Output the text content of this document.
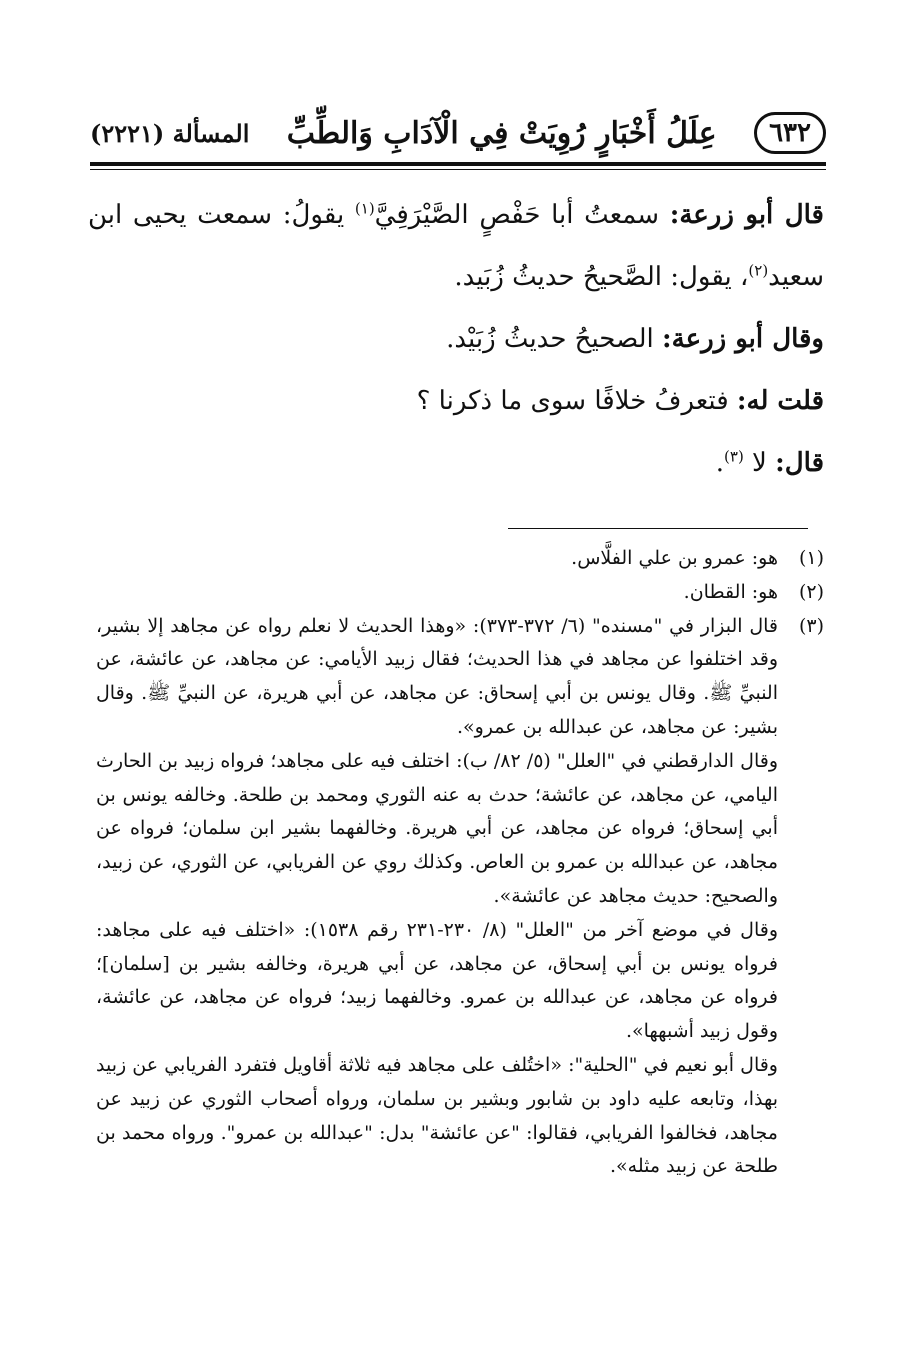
٦٣٢
عِلَلُ أَخْبَارٍ رُوِيَتْ فِي الْآدَابِ وَالطِّبِّ
المسألة (٢٢٢١)

قال أبو زرعة: سمعتُ أبا حَفْصٍ الصَّيْرَفِيَّ$^{(١)}$ يقولُ: سمعت يحيى ابن سعيد$^{(٢)}$، يقول: الصَّحيحُ حديثُ زُبَيد.

وقال أبو زرعة: الصحيحُ حديثُ زُبَيْد.

قلت له: فتعرفُ خلافًا سوى ما ذكرنا ؟

قال: لا $^{(٣)}$.

(١)

هو: عمرو بن علي الفلَّاس.

(٢)

هو: القطان.

(٣)

قال البزار في "مسنده" (٦/ ٣٧٢-٣٧٣): «وهذا الحديث لا نعلم رواه عن مجاهد إلا بشير، وقد اختلفوا عن مجاهد في هذا الحديث؛ فقال زبيد الأيامي: عن مجاهد، عن عائشة، عن النبيِّ ﷺ. وقال يونس بن أبي إسحاق: عن مجاهد، عن أبي هريرة، عن النبيِّ ﷺ. وقال بشير: عن مجاهد، عن عبدالله بن عمرو».

وقال الدارقطني في "العلل" (٥/ ٨٢/ ب): اختلف فيه على مجاهد؛ فرواه زبيد بن الحارث اليامي، عن مجاهد، عن عائشة؛ حدث به عنه الثوري ومحمد بن طلحة. وخالفه يونس بن أبي إسحاق؛ فرواه عن مجاهد، عن أبي هريرة. وخالفهما بشير ابن سلمان؛ فرواه عن مجاهد، عن عبدالله بن عمرو بن العاص. وكذلك روي عن الفريابي، عن الثوري، عن زبيد، والصحيح: حديث مجاهد عن عائشة».

وقال في موضع آخر من "العلل" (٨/ ٢٣٠-٢٣١ رقم ١٥٣٨): «اختلف فيه على مجاهد: فرواه يونس بن أبي إسحاق، عن مجاهد، عن أبي هريرة، وخالفه بشير بن [سلمان]؛ فرواه عن مجاهد، عن عبدالله بن عمرو. وخالفهما زبيد؛ فرواه عن مجاهد، عن عائشة، وقول زبيد أشبهها».

وقال أبو نعيم في "الحلية": «اختُلف على مجاهد فيه ثلاثة أقاويل فتفرد الفريابي عن زبيد بهذا، وتابعه عليه داود بن شابور وبشير بن سلمان، ورواه أصحاب الثوري عن زبيد عن مجاهد، فخالفوا الفريابي، فقالوا: "عن عائشة" بدل: "عبدالله بن عمرو". ورواه محمد بن طلحة عن زبيد مثله».
